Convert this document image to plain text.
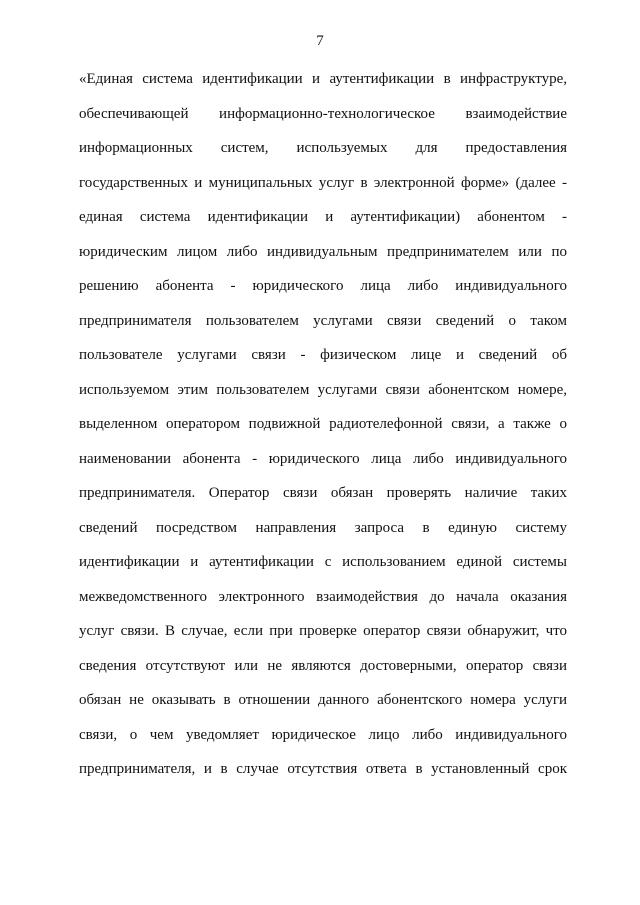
7
«Единая система идентификации и аутентификации в инфраструктуре,
обеспечивающей информационно-технологическое взаимодействие
информационных систем, используемых для предоставления
государственных и муниципальных услуг в электронной форме» (далее -
единая система идентификации и аутентификации) абонентом -
юридическим лицом либо индивидуальным предпринимателем или по
решению абонента - юридического лица либо индивидуального
предпринимателя пользователем услугами связи сведений о таком
пользователе услугами связи - физическом лице и сведений об
используемом этим пользователем услугами связи абонентском номере,
выделенном оператором подвижной радиотелефонной связи, а также о
наименовании абонента - юридического лица либо индивидуального
предпринимателя. Оператор связи обязан проверять наличие таких
сведений посредством направления запроса в единую систему
идентификации и аутентификации с использованием единой системы
межведомственного электронного взаимодействия до начала оказания
услуг связи. В случае, если при проверке оператор связи обнаружит, что
сведения отсутствуют или не являются достоверными, оператор связи
обязан не оказывать в отношении данного абонентского номера услуги
связи, о чем уведомляет юридическое лицо либо индивидуального
предпринимателя, и в случае отсутствия ответа в установленный срок
